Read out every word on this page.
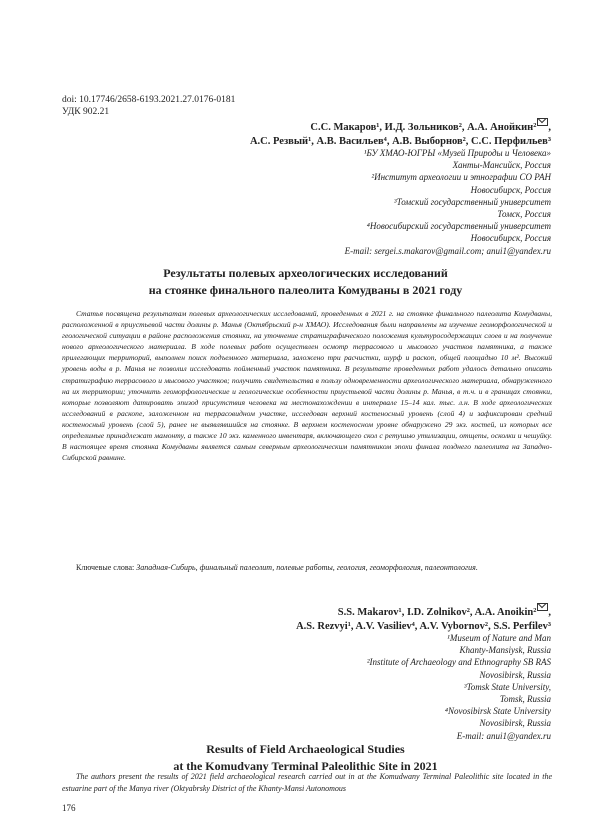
doi: 10.17746/2658-6193.2021.27.0176-0181
УДК 902.21
С.С. Макаров¹, И.Д. Зольников², А.А. Анойкин² ,
А.С. Резвый¹, А.В. Васильев⁴, А.В. Выборнов², С.С. Перфильев³
¹БУ ХМАО-ЮГРЫ «Музей Природы и Человека»
Ханты-Мансийск, Россия
²Институт археологии и этнографии СО РАН
Новосибирск, Россия
³Томский государственный университет
Томск, Россия
⁴Новосибирский государственный университет
Новосибирск, Россия
E-mail: sergei.s.makarov@gmail.com; anui1@yandex.ru
Результаты полевых археологических исследований
на стоянке финального палеолита Комудваны в 2021 году

Статья посвящена результатам полевых археологических исследований, проведенных в 2021 г. на стоянке финального палеолита Комудваны, расположенной в приустьевой части долины р. Манья (Октябрьский р-н ХМАО). Исследования были направлены на изучение геоморфологической и геологической ситуации в районе расположения стоянки, на уточнение стратиграфического положения культуросодержащих слоев и на получение нового археологического материала. В ходе полевых работ осуществлен осмотр террасового и мысового участков памятника, а также прилегающих территорий, выполнен поиск подъемного материала, заложено три расчистки, шурф и раскоп, общей площадью 10 м². Высокий уровень воды в р. Манья не позволил исследовать пойменный участок памятника. В результате проведенных работ удалось детально описать стратиграфию террасового и мысового участков; получить свидетельства в пользу одновременности археологического материала, обнаруженного на их территории; уточнить геоморфологические и геологические особенности приустьевой части долины р. Манья, в т.ч. и в границах стоянки, которые позволяют датировать эпизод присутствия человека на местонахождении в интервале 15–14 кал. тыс. л.н. В ходе археологических исследований в раскопе, заложенном на террасовидном участке, исследован верхний костеносный уровень (слой 4) и зафиксирован средний костеносный уровень (слой 5), ранее не выявлявшийся на стоянке. В верхнем костеносном уровне обнаружено 29 экз. костей, из которых все определимые принадлежат мамонту, а также 10 экз. каменного инвентаря, включающего скол с ретушью утилизации, отщепы, осколки и чешуйку. В настоящее время стоянка Комудваны является самым северным археологическим памятником эпохи финала позднего палеолита на Западно-Сибирской равнине.

Ключевые слова: Западная-Сибирь, финальный палеолит, полевые работы, геология, геоморфология, палеонтология.

S.S. Makarov¹, I.D. Zolnikov², A.A. Anoikin² ,
A.S. Rezvyi¹, A.V. Vasiliev⁴, A.V. Vybornov², S.S. Perfilev³
¹Museum of Nature and Man
Khanty-Mansiysk, Russia
²Institute of Archaeology and Ethnography SB RAS
Novosibirsk, Russia
³Tomsk State University,
Tomsk, Russia
⁴Novosibirsk State University
Novosibirsk, Russia
E-mail: anui1@yandex.ru
Results of Field Archaeological Studies
at the Komudvany Terminal Paleolithic Site in 2021

The authors present the results of 2021 field archaeological research carried out in at the Komudwany Terminal Paleolithic site located in the estuarine part of the Manya river (Oktyabrsky District of the Khanty-Mansi Autonomous

176
